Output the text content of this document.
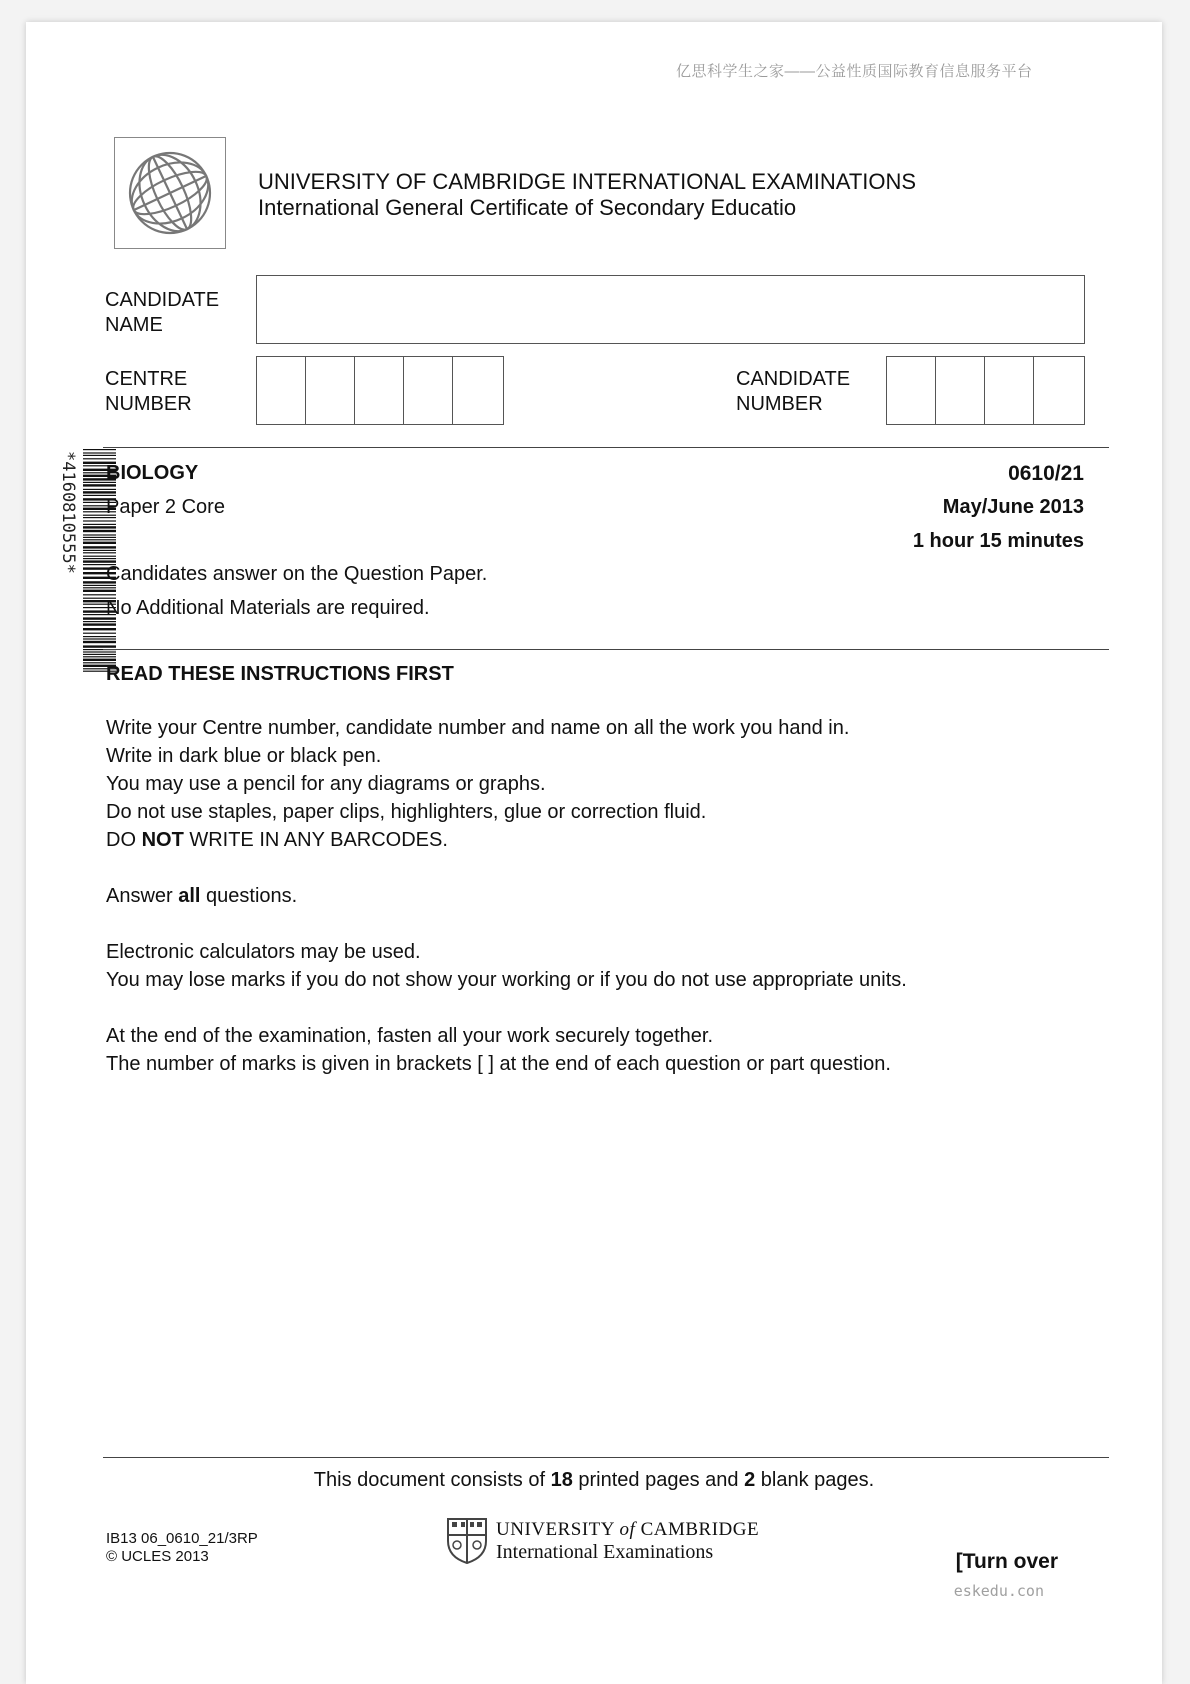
亿思科学生之家——公益性质国际教育信息服务平台
UNIVERSITY OF CAMBRIDGE INTERNATIONAL EXAMINATIONS
International General Certificate of Secondary Educatio
CANDIDATE
NAME
CENTRE
NUMBER
CANDIDATE
NUMBER
*4160810555* BIOLOGY	0610/21
Paper 2 Core	May/June 2013
1 hour 15 minutes
Candidates answer on the Question Paper.
No Additional Materials are required.
READ THESE INSTRUCTIONS FIRST
Write your Centre number, candidate number and name on all the work you hand in.
Write in dark blue or black pen.
You may use a pencil for any diagrams or graphs.
Do not use staples, paper clips, highlighters, glue or correction fluid.
DO NOT WRITE IN ANY BARCODES.
Answer all questions.
Electronic calculators may be used.
You may lose marks if you do not show your working or if you do not use appropriate units.
At the end of the examination, fasten all your work securely together.
The number of marks is given in brackets [ ] at the end of each question or part question.
This document consists of 18 printed pages and 2 blank pages.
IB13 06_0610_21/3RP
© UCLES 2013
UNIVERSITY of CAMBRIDGE
International Examinations	[Turn over
eskedu.con
